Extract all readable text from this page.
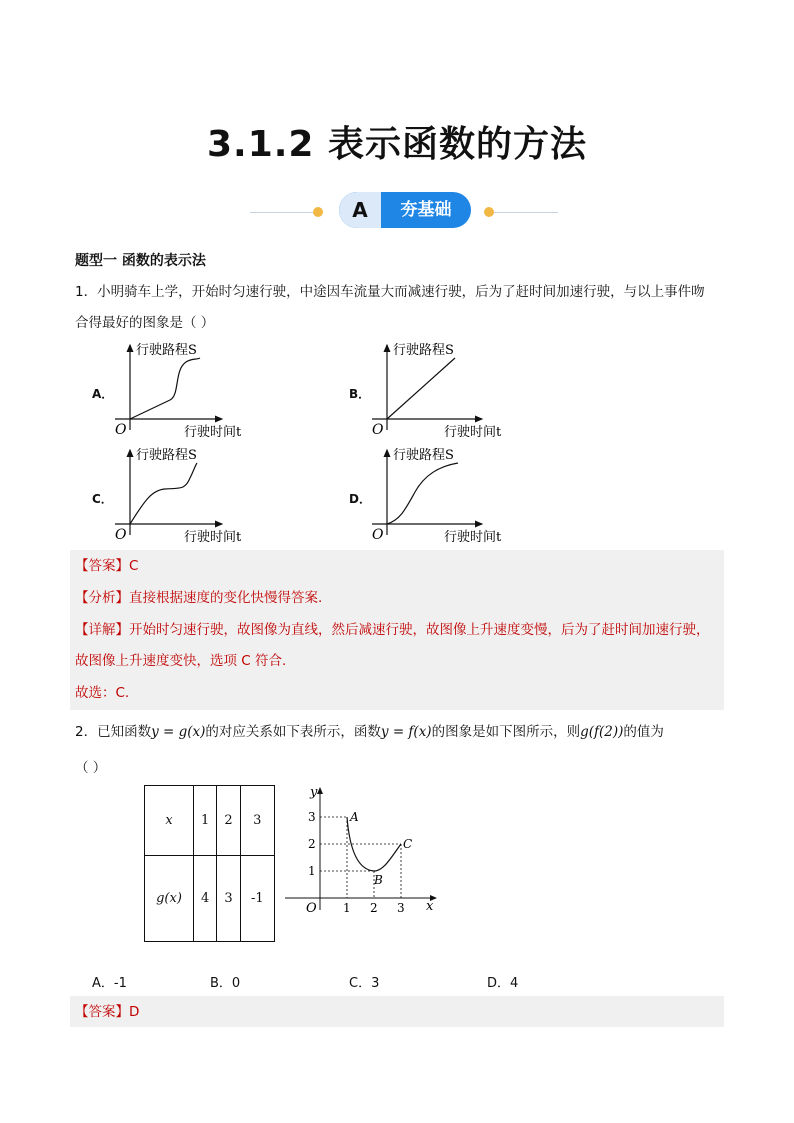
3.1.2 表示函数的方法
A	夯基础
题型一 函数的表示法
1．小明骑车上学，开始时匀速行驶，中途因车流量大而减速行驶，后为了赶时间加速行驶，与以上事件吻
合得最好的图象是（ ）
A．	B．
C．	D．
行驶路程S
行驶时间t
O
行驶路程S
行驶时间t
O
行驶路程S
行驶时间t
O
行驶路程S
行驶时间t
O
【答案】C
【分析】直接根据速度的变化快慢得答案.
【详解】开始时匀速行驶，故图像为直线，然后减速行驶，故图像上升速度变慢，后为了赶时间加速行驶，
故图像上升速度变快，选项 C 符合.
故选：C.
2．已知函数y = g(x)的对应关系如下表所示，函数y = f(x)的图象是如下图所示，则g(f(2))的值为
（ ）
x	1	2	3
g(x)	4	3	-1
y
x
O 1 2 3
1
2
3	A
B
C
A．-1	B．0	C．3	D．4
【答案】D
